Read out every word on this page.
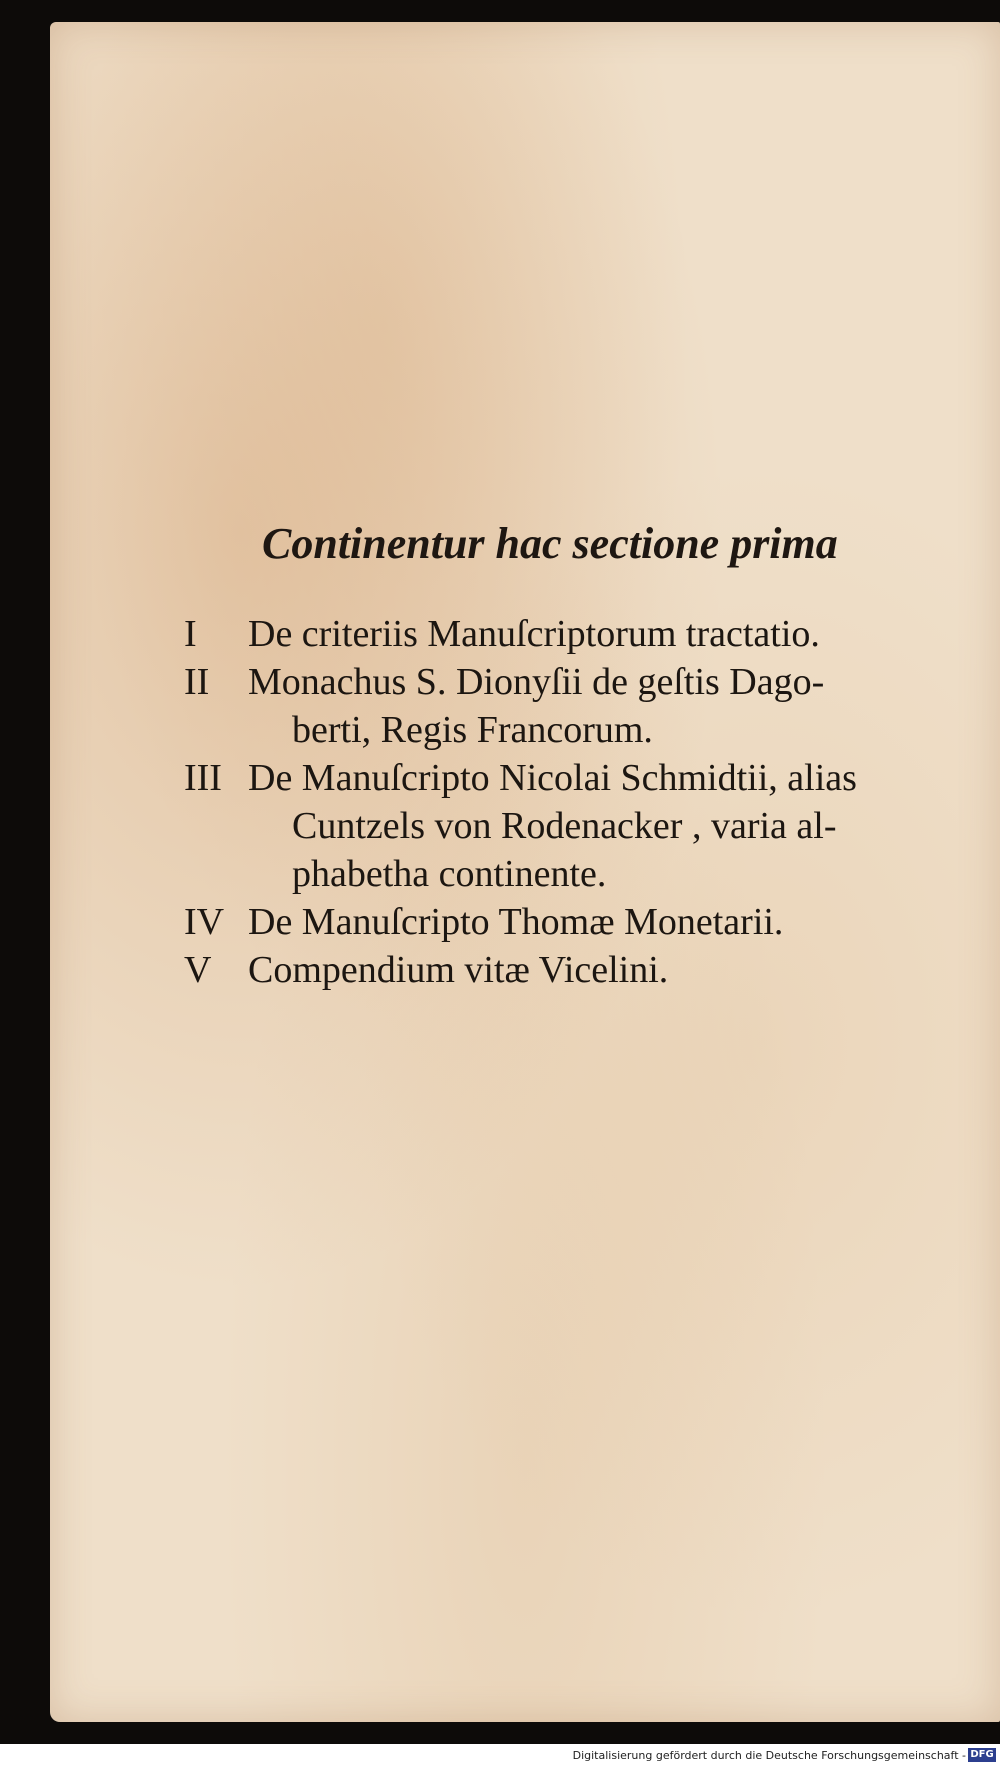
Continentur hac sectione prima
I De criteriis Manuſcriptorum tractatio.
II Monachus S. Dionyſii de geſtis Dago-
berti, Regis Francorum.
III De Manuſcripto Nicolai Schmidtii, alias
Cuntzels von Rodenacker , varia al-
phabetha continente.
IV De Manuſcripto Thomæ Monetarii.
V Compendium vitæ Vicelini.
Digitalisierung gefördert durch die Deutsche Forschungsgemeinschaft - DFG
